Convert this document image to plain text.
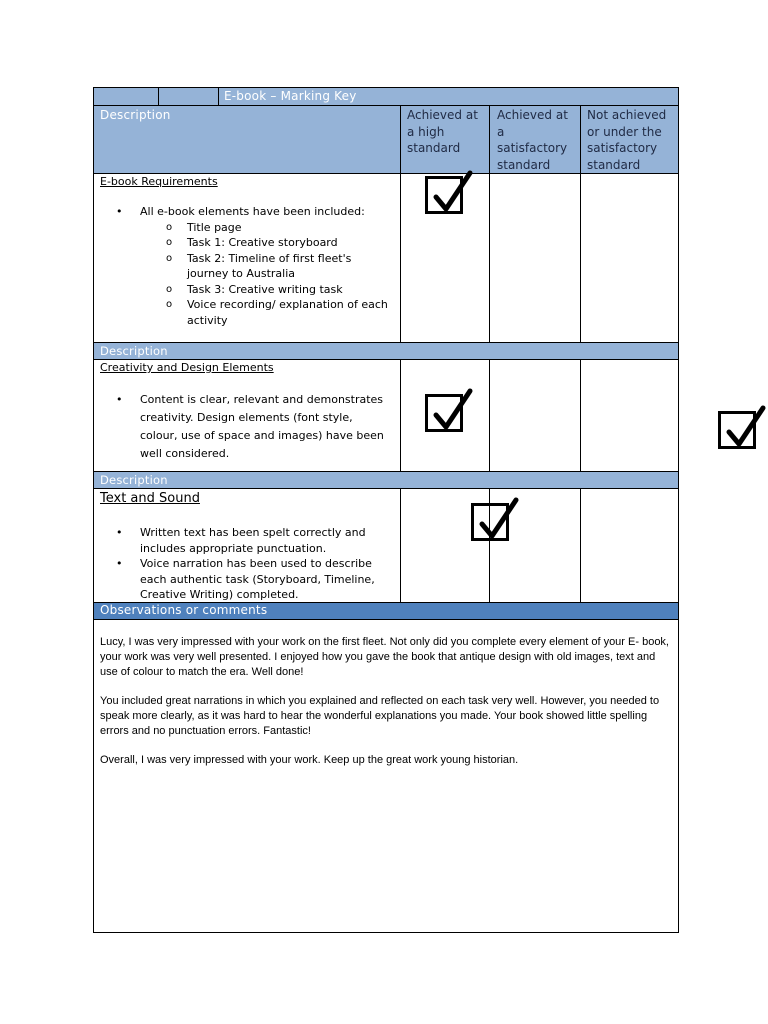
E-book – Marking Key
Description	Achieved at a high standard
Achieved at a satisfactory standard
Not achieved or under the satisfactory standard
E-book Requirements
• All e-book elements have been included:
o Title page
o Task 1: Creative storyboard
o Task 2: Timeline of first fleet's journey to Australia
o Task 3: Creative writing task
o Voice recording/ explanation of each activity
Description
Creativity and Design Elements
• Content is clear, relevant and demonstrates creativity. Design elements (font style, colour, use of space and images) have been well considered.
Description
Text and Sound
• Written text has been spelt correctly and includes appropriate punctuation.
• Voice narration has been used to describe each authentic task (Storyboard, Timeline, Creative Writing) completed.
Observations or comments

Lucy, I was very impressed with your work on the first fleet. Not only did you complete every element of your E- book, your work was very well presented. I enjoyed how you gave the book that antique design with old images, text and use of colour to match the era. Well done!

You included great narrations in which you explained and reflected on each task very well. However, you needed to speak more clearly, as it was hard to hear the wonderful explanations you made. Your book showed little spelling errors and no punctuation errors. Fantastic!

Overall, I was very impressed with your work. Keep up the great work young historian.
